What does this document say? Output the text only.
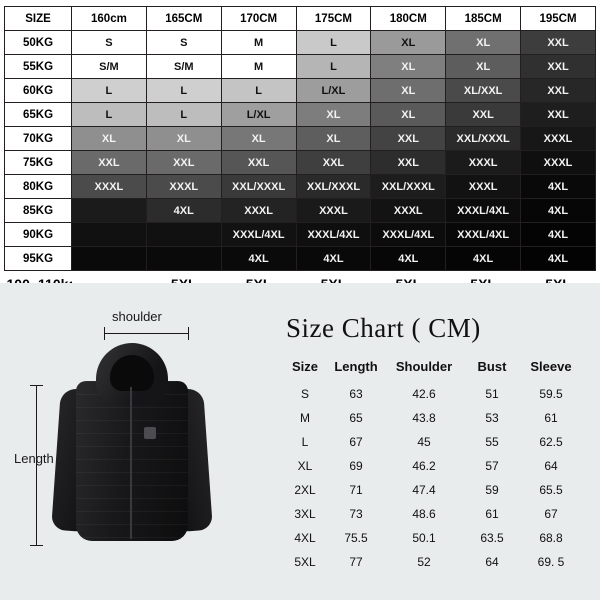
SIZE	160cm	165CM	170CM	175CM	180CM	185CM	195CM
50KG	S	S	M	L	XL	XL	XXL
55KG	S/M	S/M	M	L	XL	XL	XXL
60KG	L	L	L	L/XL	XL	XL/XXL	XXL
65KG	L	L	L/XL	XL	XL	XXL	XXL
70KG	XL	XL	XL	XL	XXL	XXL/XXXL	XXXL
75KG	XXL	XXL	XXL	XXL	XXL	XXXL	XXXL
80KG	XXXL	XXXL	XXL/XXXL	XXL/XXXL	XXL/XXXL	XXXL	4XL
85KG		4XL	XXXL	XXXL	XXXL	XXXL/4XL	4XL
90KG			XXXL/4XL	XXXL/4XL	XXXL/4XL	XXXL/4XL	4XL
95KG			4XL	4XL	4XL	4XL	4XL

shoulder
Length
Size Chart ( CM)
Size	Length	Shoulder	Bust	Sleeve
S	63	42.6	51	59.5
M	65	43.8	53	61
L	67	45	55	62.5
XL	69	46.2	57	64
2XL	71	47.4	59	65.5
3XL	73	48.6	61	67
4XL	75.5	50.1	63.5	68.8
5XL	77	52	64	69. 5
